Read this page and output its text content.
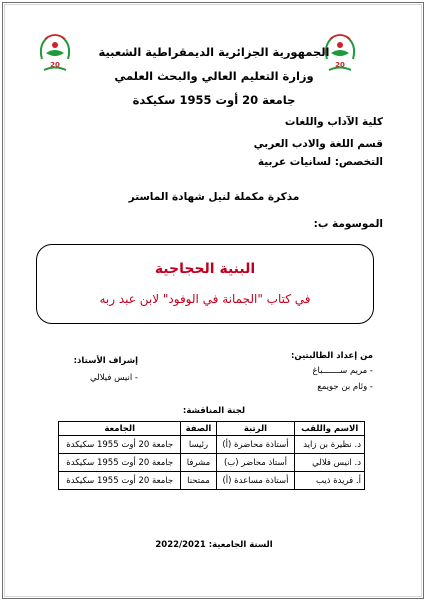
20	20
الجمهورية الجزائرية الديمقراطية الشعبية
وزارة التعليم العالي والبحث العلمي
جامعة 20 أوت 1955 سكيكدة
كلية الآداب واللغات
قسم اللغة والادب العربي
التخصص: لسانيات عربية
مذكرة مكملة لنيل شهادة الماستر
الموسومة ب:
البنية الحجاجية
في كتاب "الجمانة في الوفود" لابن عبد ربه
من إعداد الطالبتين:
- مريم ســـــــباغ
- وئام بن جويمع
إشراف الأستاذ:
- انيس فيلالي
لجنة المناقشة:
الاسم واللقب	الرتبة	الصفة	الجامعة
د. نظيرة بن زايد	أستاذة محاضرة (أ)	رئيسا	جامعة 20 أوت 1955 سكيكدة
د. انيس فلالي	أستاذ محاضر (ب)	مشرفا	جامعة 20 أوت 1955 سكيكدة
أ. فريدة ذيب	أستاذة مساعدة (أ)	ممتحنا	جامعة 20 أوت 1955 سكيكدة
السنة الجامعية: 2022/2021
